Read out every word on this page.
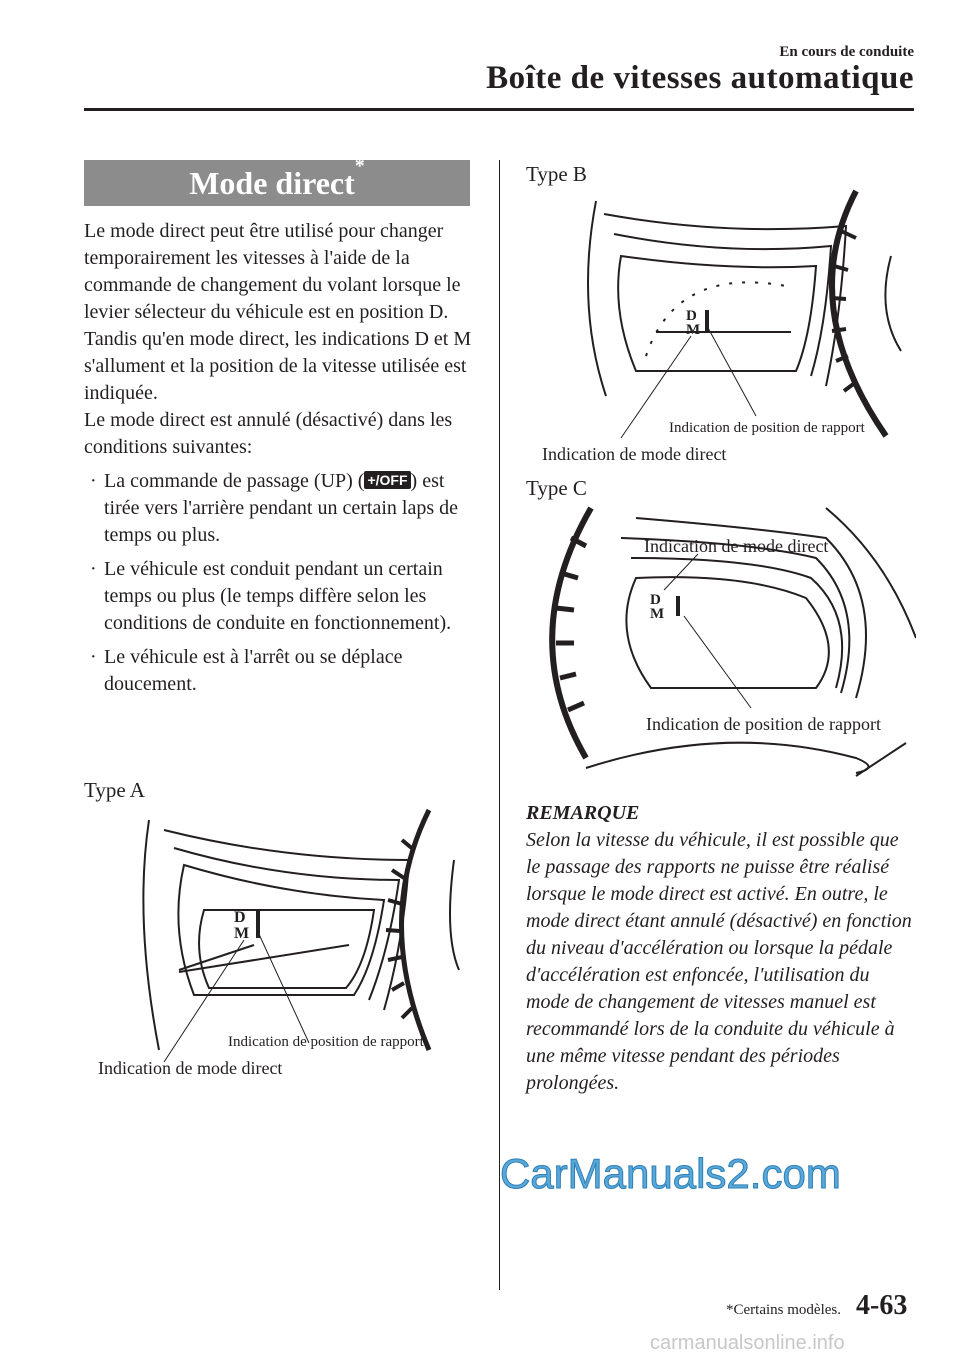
En cours de conduite
Boîte de vitesses automatique
Mode direct*

Le mode direct peut être utilisé pour changer temporairement les vitesses à l'aide de la commande de changement du volant lorsque le levier sélecteur du véhicule est en position D.

Tandis qu'en mode direct, les indications D et M s'allument et la position de la vitesse utilisée est indiquée.

Le mode direct est annulé (désactivé) dans les conditions suivantes:

· La commande de passage (UP) ( +/OFF ) est tirée vers l'arrière pendant un certain laps de temps ou plus.
· Le véhicule est conduit pendant un certain temps ou plus (le temps diffère selon les conditions de conduite en fonctionnement).
· Le véhicule est à l'arrêt ou se déplace doucement.
Type A
D
M
Indication de position de rapport
Indication de mode direct
Type B
D
M
Indication de position de rapport
Indication de mode direct
Type C
D
M
Indication de mode direct
Indication de position de rapport
REMARQUE
Selon la vitesse du véhicule, il est possible que le passage des rapports ne puisse être réalisé lorsque le mode direct est activé. En outre, le mode direct étant annulé (désactivé) en fonction du niveau d'accélération ou lorsque la pédale d'accélération est enfoncée, l'utilisation du mode de changement de vitesses manuel est recommandé lors de la conduite du véhicule à une même vitesse pendant des périodes prolongées.
CarManuals2.com
*Certains modèles. 4-63
carmanualsonline.info
